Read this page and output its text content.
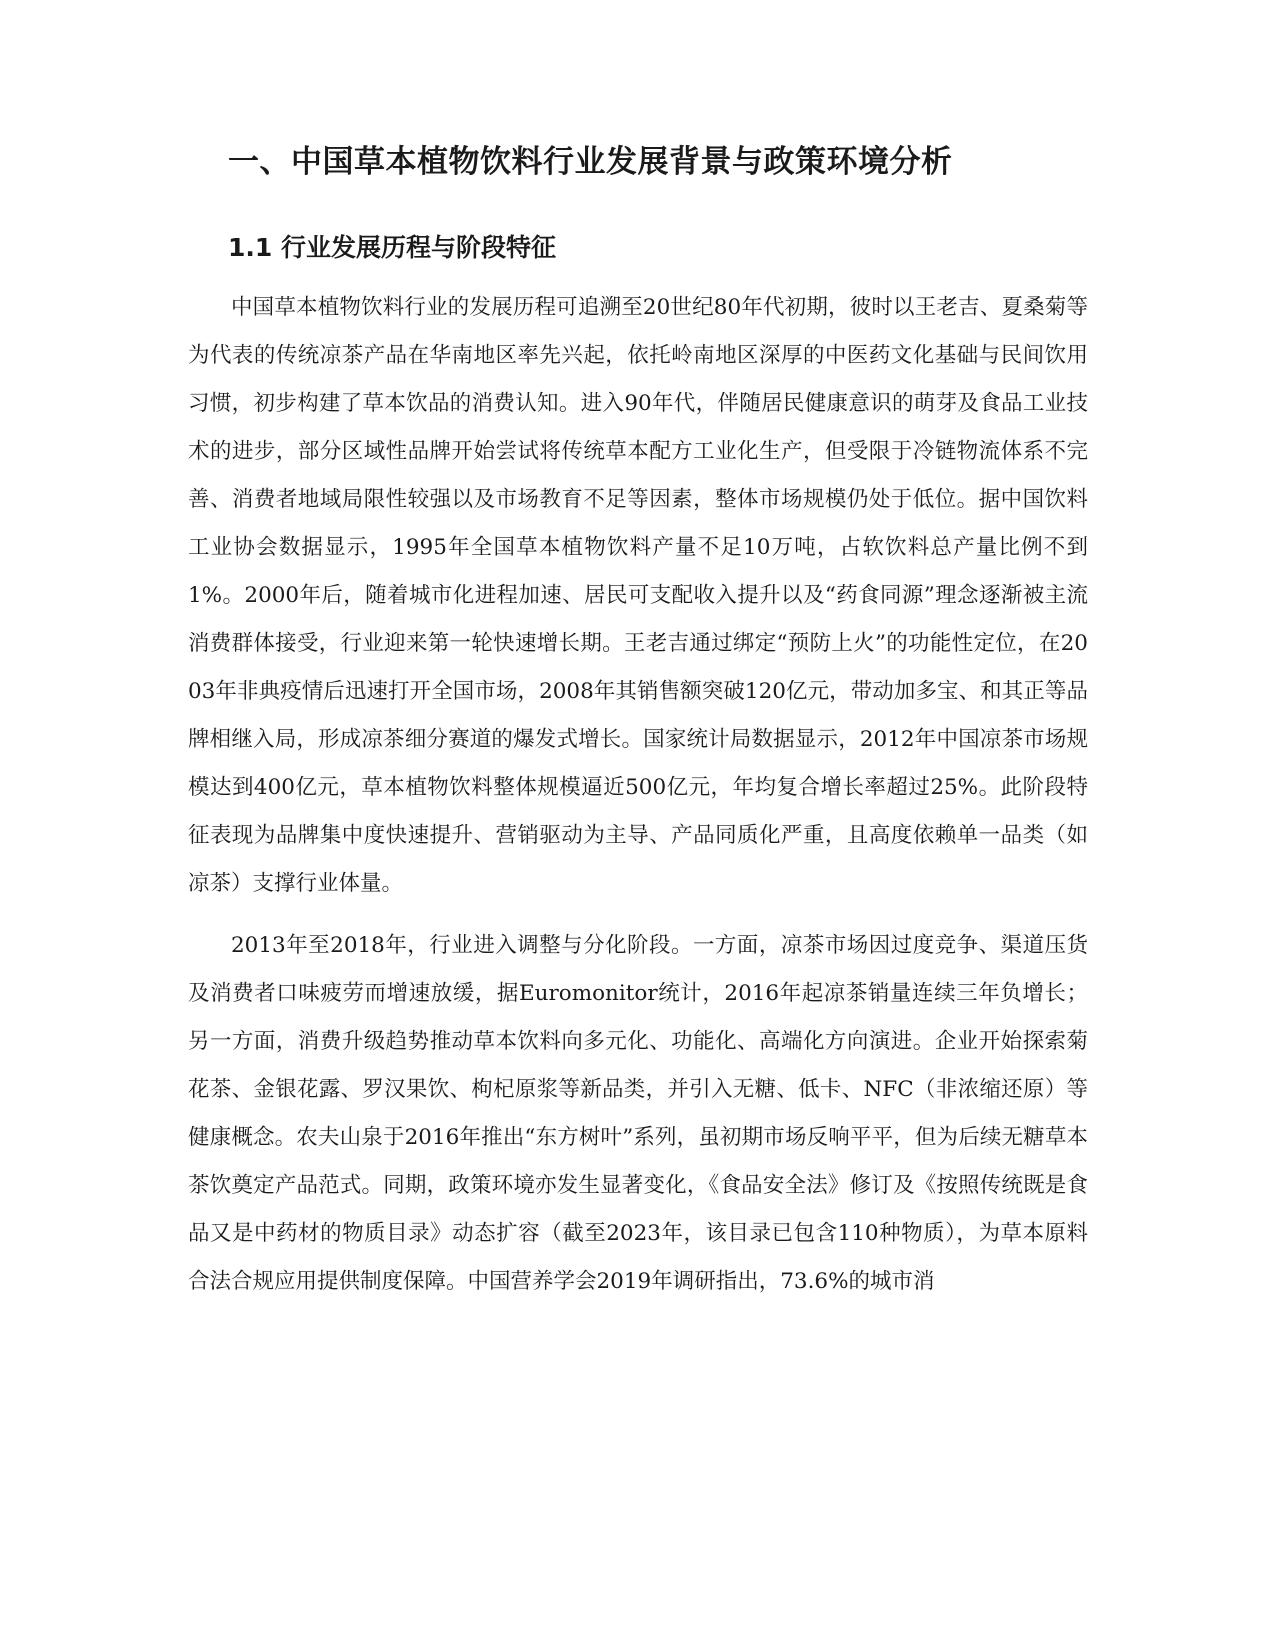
一、中国草本植物饮料行业发展背景与政策环境分析
1.1 行业发展历程与阶段特征

中国草本植物饮料行业的发展历程可追溯至20世纪80年代初期，彼时以王老吉、夏桑菊等为代表的传统凉茶产品在华南地区率先兴起，依托岭南地区深厚的中医药文化基础与民间饮用习惯，初步构建了草本饮品的消费认知。进入90年代，伴随居民健康意识的萌芽及食品工业技术的进步，部分区域性品牌开始尝试将传统草本配方工业化生产，但受限于冷链物流体系不完善、消费者地域局限性较强以及市场教育不足等因素，整体市场规模仍处于低位。据中国饮料工业协会数据显示，1995年全国草本植物饮料产量不足10万吨，占软饮料总产量比例不到1%。2000年后，随着城市化进程加速、居民可支配收入提升以及“药食同源”理念逐渐被主流消费群体接受，行业迎来第一轮快速增长期。王老吉通过绑定“预防上火”的功能性定位，在2003年非典疫情后迅速打开全国市场，2008年其销售额突破120亿元，带动加多宝、和其正等品牌相继入局，形成凉茶细分赛道的爆发式增长。国家统计局数据显示，2012年中国凉茶市场规模达到400亿元，草本植物饮料整体规模逼近500亿元，年均复合增长率超过25%。此阶段特征表现为品牌集中度快速提升、营销驱动为主导、产品同质化严重，且高度依赖单一品类（如凉茶）支撑行业体量。

2013年至2018年，行业进入调整与分化阶段。一方面，凉茶市场因过度竞争、渠道压货及消费者口味疲劳而增速放缓，据Euromonitor统计，2016年起凉茶销量连续三年负增长；另一方面，消费升级趋势推动草本饮料向多元化、功能化、高端化方向演进。企业开始探索菊花茶、金银花露、罗汉果饮、枸杞原浆等新品类，并引入无糖、低卡、NFC（非浓缩还原）等健康概念。农夫山泉于2016年推出“东方树叶”系列，虽初期市场反响平平，但为后续无糖草本茶饮奠定产品范式。同期，政策环境亦发生显著变化，《食品安全法》修订及《按照传统既是食品又是中药材的物质目录》动态扩容（截至2023年，该目录已包含110种物质），为草本原料合法合规应用提供制度保障。中国营养学会2019年调研指出，73.6%的城市消
